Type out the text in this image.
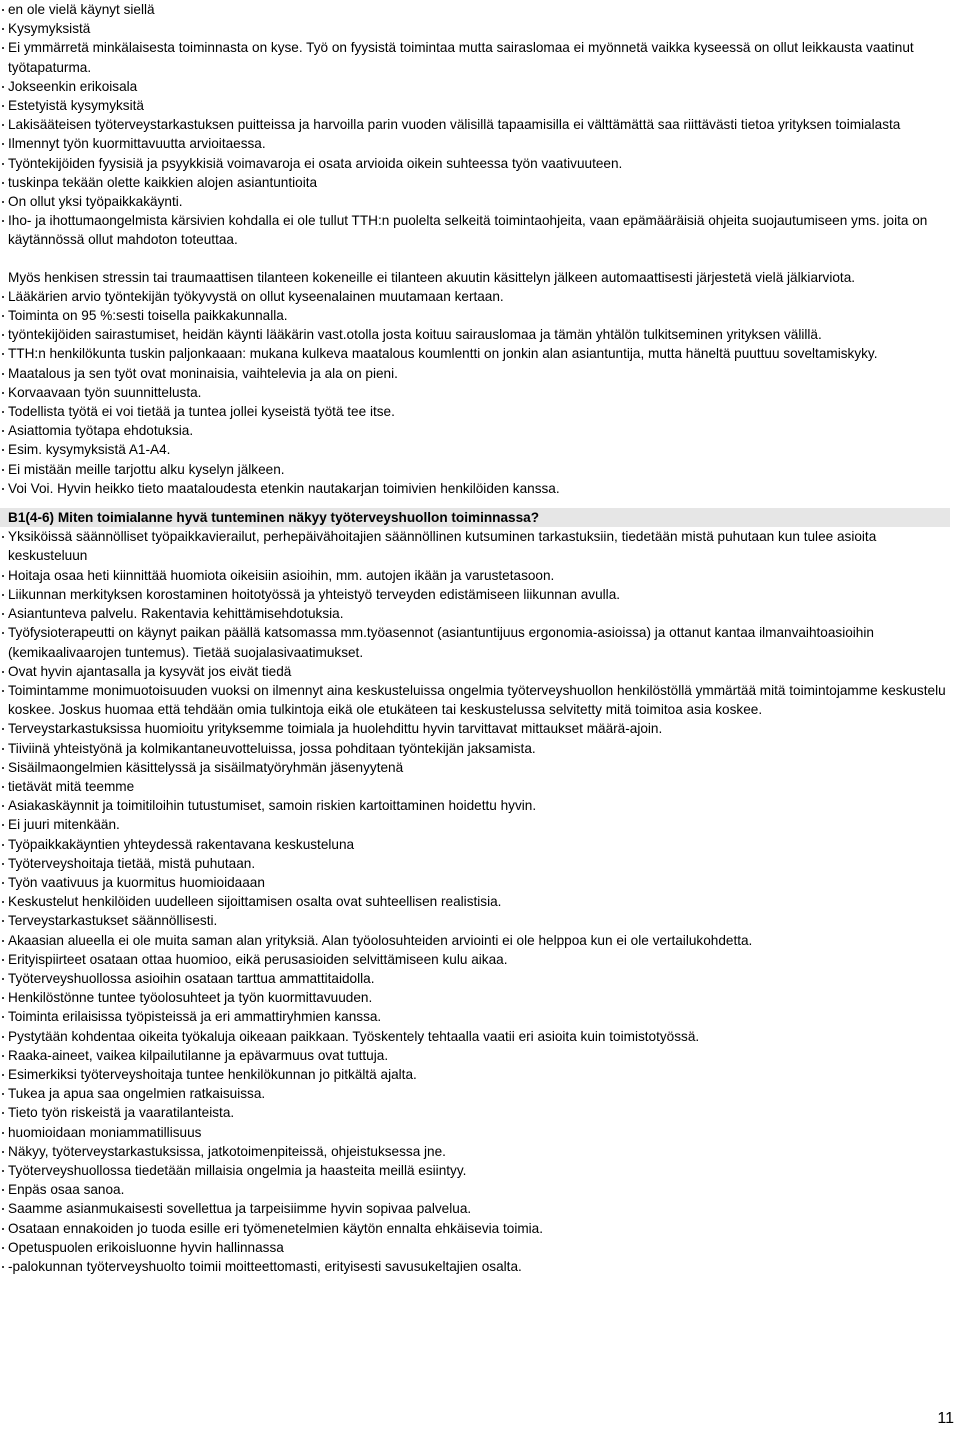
en ole vielä käynyt siellä
Kysymyksistä
Ei ymmärretä minkälaisesta toiminnasta on kyse. Työ on fyysistä toimintaa mutta sairaslomaa ei myönnetä vaikka kyseessä on ollut leikkausta vaatinut työtapaturma.
Jokseenkin erikoisala
Estetyistä kysymyksitä
Lakisääteisen työterveystarkastuksen puitteissa ja harvoilla parin vuoden välisillä tapaamisilla ei välttämättä saa riittävästi tietoa yrityksen toimialasta
Ilmennyt työn kuormittavuutta arvioitaessa.
Työntekijöiden fyysisiä ja psyykkisiä voimavaroja ei osata arvioida oikein suhteessa työn vaativuuteen.
tuskinpa tekään olette kaikkien alojen asiantuntioita
On ollut yksi työpaikkakäynti.
Iho- ja ihottumaongelmista kärsivien kohdalla ei ole tullut TTH:n puolelta selkeitä toimintaohjeita, vaan epämääräisiä ohjeita suojautumiseen yms. joita on käytännössä ollut mahdoton toteuttaa.

Myös henkisen stressin tai traumaattisen tilanteen kokeneille ei tilanteen akuutin käsittelyn jälkeen automaattisesti järjestetä vielä jälkiarviota.

Lääkärien arvio työntekijän työkyvystä on ollut kyseenalainen muutamaan kertaan.
Toiminta on 95 %:sesti toisella paikkakunnalla.
työntekijöiden sairastumiset, heidän käynti lääkärin vast.otolla josta koituu sairauslomaa ja tämän yhtälön tulkitseminen yrityksen välillä.
TTH:n henkilökunta tuskin paljonkaaan: mukana kulkeva maatalous koumlentti on jonkin alan asiantuntija, mutta häneltä puuttuu soveltamiskyky.
Maatalous ja sen työt ovat moninaisia, vaihtelevia ja ala on pieni.
Korvaavaan työn suunnittelusta.
Todellista työtä ei voi tietää ja tuntea jollei kyseistä työtä tee itse.
Asiattomia työtapa ehdotuksia.
Esim. kysymyksistä A1-A4.
Ei mistään meille tarjottu alku kyselyn jälkeen.
Voi Voi. Hyvin heikko tieto maataloudesta etenkin nautakarjan toimivien henkilöiden kanssa.
B1(4-6) Miten toimialanne hyvä tunteminen näkyy työterveyshuollon toiminnassa?
Yksiköissä säännölliset työpaikkavierailut, perhepäivähoitajien säännöllinen kutsuminen tarkastuksiin, tiedetään mistä puhutaan kun tulee asioita keskusteluun
Hoitaja osaa heti kiinnittää huomiota oikeisiin asioihin, mm. autojen ikään ja varustetasoon.
Liikunnan merkityksen korostaminen hoitotyössä ja yhteistyö terveyden edistämiseen liikunnan avulla.
Asiantunteva palvelu. Rakentavia kehittämisehdotuksia.
Työfysioterapeutti on käynyt paikan päällä katsomassa mm.työasennot (asiantuntijuus ergonomia-asioissa) ja ottanut kantaa ilmanvaihtoasioihin (kemikaalivaarojen tuntemus). Tietää suojalasivaatimukset.
Ovat hyvin ajantasalla ja kysyvät jos eivät tiedä
Toimintamme monimuotoisuuden vuoksi on ilmennyt aina keskusteluissa ongelmia työterveyshuollon henkilöstöllä ymmärtää mitä toimintojamme keskustelu koskee. Joskus huomaa että tehdään omia tulkintoja eikä ole etukäteen tai keskustelussa selvitetty mitä toimitoa asia koskee.
Terveystarkastuksissa huomioitu yrityksemme toimiala ja huolehdittu hyvin tarvittavat mittaukset määrä-ajoin.
Tiiviinä yhteistyönä ja kolmikantaneuvotteluissa, jossa pohditaan työntekijän jaksamista.
Sisäilmaongelmien käsittelyssä ja sisäilmatyöryhmän jäsenyytenä
tietävät mitä teemme
Asiakaskäynnit ja toimitiloihin tutustumiset, samoin riskien kartoittaminen hoidettu hyvin.
Ei juuri mitenkään.
Työpaikkakäyntien yhteydessä rakentavana keskusteluna
Työterveyshoitaja tietää, mistä puhutaan.
Työn vaativuus ja kuormitus huomioidaaan
Keskustelut henkilöiden uudelleen sijoittamisen osalta ovat suhteellisen realistisia.
Terveystarkastukset säännöllisesti.
Akaasian alueella ei ole muita saman alan yrityksiä. Alan työolosuhteiden arviointi ei ole helppoa kun ei ole vertailukohdetta.
Erityispiirteet osataan ottaa huomioo, eikä perusasioiden selvittämiseen kulu aikaa.
Työterveyshuollossa asioihin osataan tarttua ammattitaidolla.
Henkilöstönne tuntee työolosuhteet ja työn kuormittavuuden.
Toiminta erilaisissa työpisteissä ja eri ammattiryhmien kanssa.
Pystytään kohdentaa oikeita työkaluja oikeaan paikkaan. Työskentely tehtaalla vaatii eri asioita kuin toimistotyössä.
Raaka-aineet, vaikea kilpailutilanne ja epävarmuus ovat tuttuja.
Esimerkiksi työterveyshoitaja tuntee henkilökunnan jo pitkältä ajalta.
Tukea ja apua saa ongelmien ratkaisuissa.
Tieto työn riskeistä ja vaaratilanteista.
huomioidaan moniammatillisuus
Näkyy, työterveystarkastuksissa, jatkotoimenpiteissä, ohjeistuksessa jne.
Työterveyshuollossa tiedetään millaisia ongelmia ja haasteita meillä esiintyy.
Enpäs osaa sanoa.
Saamme asianmukaisesti sovellettua ja tarpeisiimme hyvin sopivaa palvelua.
Osataan ennakoiden jo tuoda esille eri työmenetelmien käytön ennalta ehkäisevia toimia.
Opetuspuolen erikoisluonne hyvin hallinnassa
-palokunnan työterveyshuolto toimii moitteettomasti, erityisesti savusukeltajien osalta.
11
